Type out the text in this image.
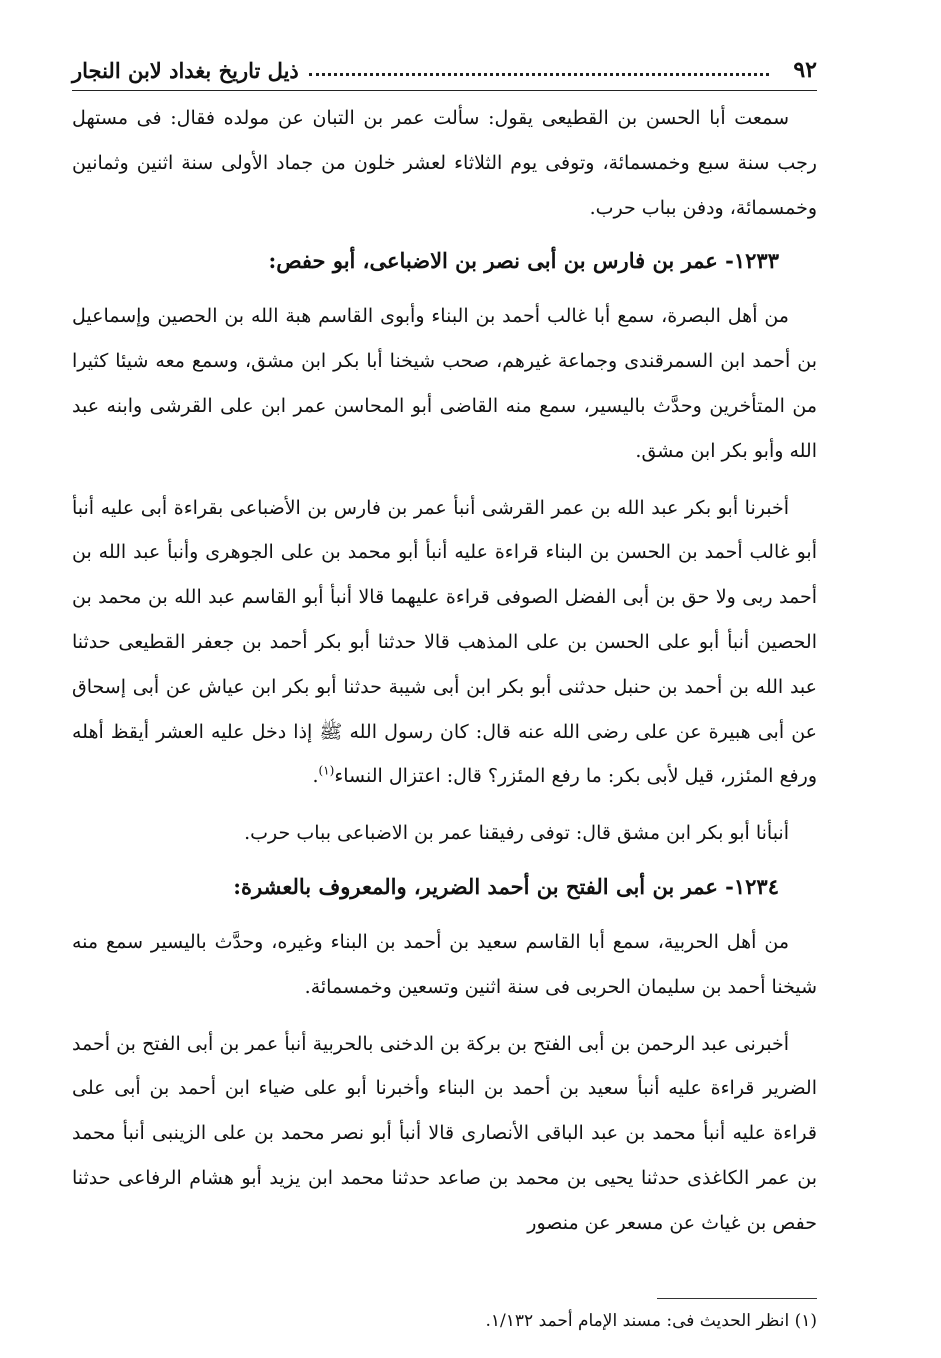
٩٢
ذيل تاريخ بغداد لابن النجار

سمعت أبا الحسن بن القطيعى يقول: سألت عمر بن التبان عن مولده فقال: فى مستهل رجب سنة سبع وخمسمائة، وتوفى يوم الثلاثاء لعشر خلون من جماد الأولى سنة اثنين وثمانين وخمسمائة، ودفن بباب حرب.

١٢٣٣- عمر بن فارس بن أبى نصر بن الاضباعى، أبو حفص:

من أهل البصرة، سمع أبا غالب أحمد بن البناء وأبوى القاسم هبة الله بن الحصين وإسماعيل بن أحمد ابن السمرقندى وجماعة غيرهم، صحب شيخنا أبا بكر ابن مشق، وسمع معه شيئا كثيرا من المتأخرين وحدَّث باليسير، سمع منه القاضى أبو المحاسن عمر ابن على القرشى وابنه عبد الله وأبو بكر ابن مشق.

أخبرنا أبو بكر عبد الله بن عمر القرشى أنبأ عمر بن فارس بن الأضباعى بقراءة أبى عليه أنبأ أبو غالب أحمد بن الحسن بن البناء قراءة عليه أنبأ أبو محمد بن على الجوهرى وأنبأ عبد الله بن أحمد ربى ولا حق بن أبى الفضل الصوفى قراءة عليهما قالا أنبأ أبو القاسم عبد الله بن محمد بن الحصين أنبأ أبو على الحسن بن على المذهب قالا حدثنا أبو بكر أحمد بن جعفر القطيعى حدثنا عبد الله بن أحمد بن حنبل حدثنى أبو بكر ابن أبى شيبة حدثنا أبو بكر ابن عياش عن أبى إسحاق عن أبى هبيرة عن على رضى الله عنه قال: كان رسول الله ﷺ إذا دخل عليه العشر أيقظ أهله ورفع المئزر، قيل لأبى بكر: ما رفع المئزر؟ قال: اعتزال النساء$^{(١)}$.

أنبأنا أبو بكر ابن مشق قال: توفى رفيقنا عمر بن الاضباعى بباب حرب.

١٢٣٤- عمر بن أبى الفتح بن أحمد الضرير، والمعروف بالعشرة:

من أهل الحربية، سمع أبا القاسم سعيد بن أحمد بن البناء وغيره، وحدَّث باليسير سمع منه شيخنا أحمد بن سليمان الحربى فى سنة اثنين وتسعين وخمسمائة.

أخبرنى عبد الرحمن بن أبى الفتح بن بركة بن الدخنى بالحربية أنبأ عمر بن أبى الفتح بن أحمد الضرير قراءة عليه أنبأ سعيد بن أحمد بن البناء وأخبرنا أبو على ضياء ابن أحمد بن أبى على قراءة عليه أنبأ محمد بن عبد الباقى الأنصارى قالا أنبأ أبو نصر محمد بن على الزينبى أنبأ محمد بن عمر الكاغذى حدثنا يحيى بن محمد بن صاعد حدثنا محمد ابن يزيد أبو هشام الرفاعى حدثنا حفص بن غياث عن مسعر عن منصور

(١) انظر الحديث فى: مسند الإمام أحمد ١/١٣٢.
